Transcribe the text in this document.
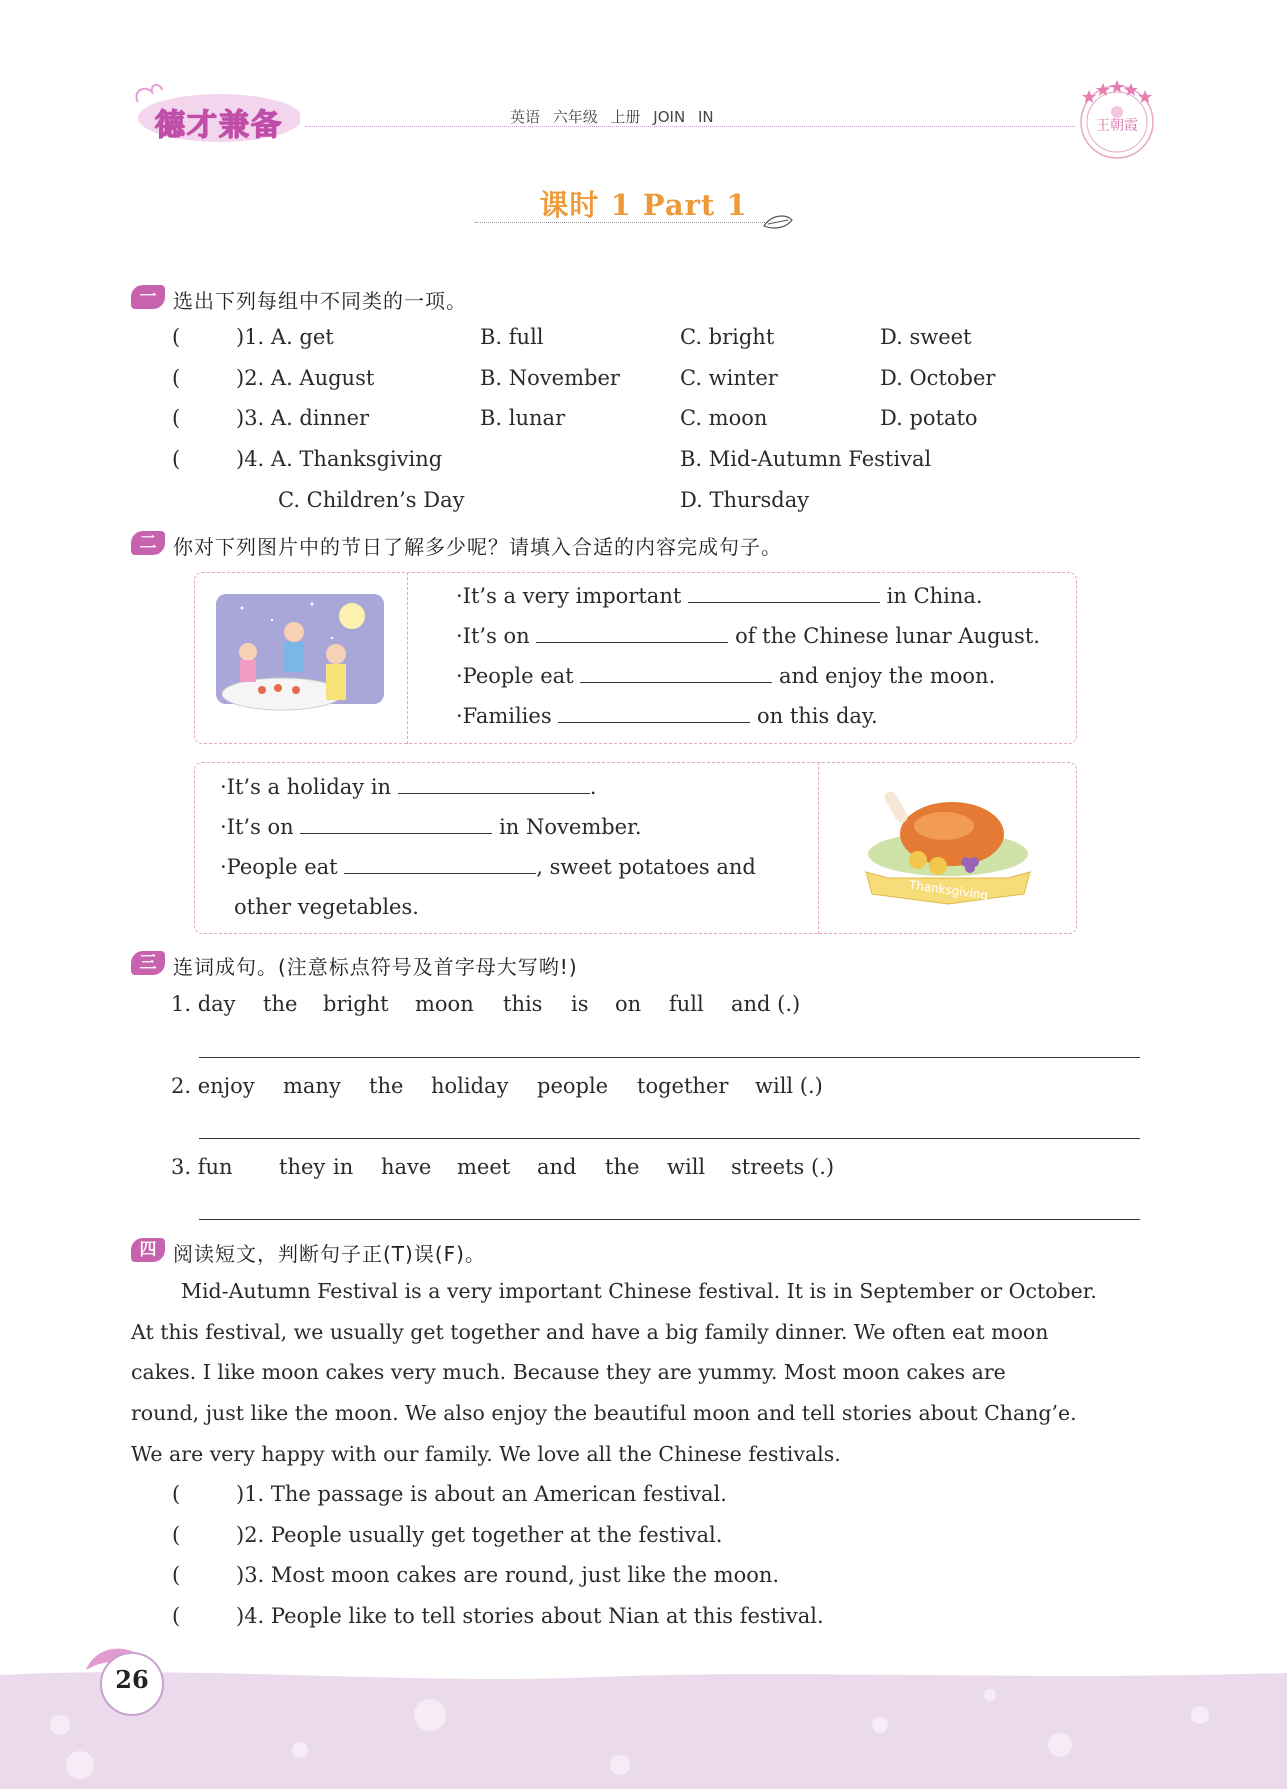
德才兼备	英语 六年级 上册 JOIN IN	王朝霞
课时 1 Part 1
一 选出下列每组中不同类的一项。
(	)1. A. get	B. full	C. bright	D. sweet
(	)2. A. August	B. November	C. winter	D. October
(	)3. A. dinner	B. lunar	C. moon	D. potato
(	)4. A. Thanksgiving	B. Mid-Autumn Festival
C. Children’s Day	D. Thursday
二 你对下列图片中的节日了解多少呢？请填入合适的内容完成句子。
·It’s a very important	in China.
·It’s on	of the Chinese lunar August.
·People eat	and enjoy the moon.
·Families	on this day.
·It’s a holiday in	.
·It’s on	in November.
·People eat	, sweet potatoes and
other vegetables.
Thanksgiving
三 连词成句。(注意标点符号及首字母大写哟!)
1. day the bright moon this is on full and (.)
2. enjoy many the holiday people together will (.)
3. fun they in have meet and the will streets (.)
四 阅读短文，判断句子正(T)误(F)。
Mid-Autumn Festival is a very important Chinese festival. It is in September or October.
At this festival, we usually get together and have a big family dinner. We often eat moon
cakes. I like moon cakes very much. Because they are yummy. Most moon cakes are
round, just like the moon. We also enjoy the beautiful moon and tell stories about Chang’e.
We are very happy with our family. We love all the Chinese festivals.
(	)1. The passage is about an American festival.
(	)2. People usually get together at the festival.
(	)3. Most moon cakes are round, just like the moon.
(	)4. People like to tell stories about Nian at this festival.
26
